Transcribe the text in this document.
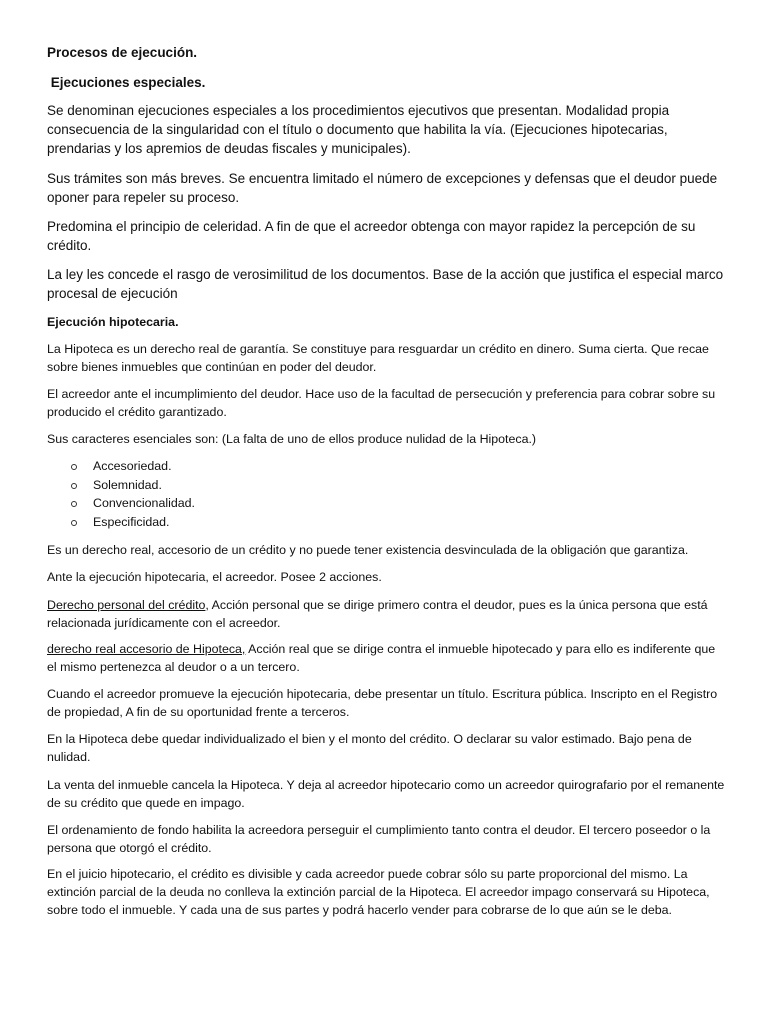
Procesos de ejecución.
Ejecuciones especiales.
Se denominan ejecuciones especiales a los procedimientos ejecutivos que presentan. Modalidad propia consecuencia de la singularidad con el título o documento que habilita la vía. (Ejecuciones hipotecarias, prendarias y los apremios de deudas fiscales y municipales).
Sus trámites son más breves. Se encuentra limitado el número de excepciones y defensas que el deudor puede oponer para repeler su proceso.
Predomina el principio de celeridad. A fin de que el acreedor obtenga con mayor rapidez la percepción de su crédito.
La ley les concede el rasgo de verosimilitud de los documentos. Base de la acción que justifica el especial marco procesal de ejecución
Ejecución hipotecaria.
La Hipoteca es un derecho real de garantía. Se constituye para resguardar un crédito en dinero. Suma cierta. Que recae sobre bienes inmuebles que continúan en poder del deudor.
El acreedor ante el incumplimiento del deudor. Hace uso de la facultad de persecución y preferencia para cobrar sobre su producido el crédito garantizado.
Sus caracteres esenciales son: (La falta de uno de ellos produce nulidad de la Hipoteca.)
Accesoriedad.
Solemnidad.
Convencionalidad.
Especificidad.
Es un derecho real, accesorio de un crédito y no puede tener existencia desvinculada de la obligación que garantiza.
Ante la ejecución hipotecaria, el acreedor. Posee 2 acciones.
Derecho personal del crédito, Acción personal que se dirige primero contra el deudor, pues es la única persona que está relacionada jurídicamente con el acreedor.
derecho real accesorio de Hipoteca, Acción real que se dirige contra el inmueble hipotecado y para ello es indiferente que el mismo pertenezca al deudor o a un tercero.
Cuando el acreedor promueve la ejecución hipotecaria, debe presentar un título. Escritura pública. Inscripto en el Registro de propiedad, A fin de su oportunidad frente a terceros.
En la Hipoteca debe quedar individualizado el bien y el monto del crédito. O declarar su valor estimado. Bajo pena de nulidad.
La venta del inmueble cancela la Hipoteca. Y deja al acreedor hipotecario como un acreedor quirografario por el remanente de su crédito que quede en impago.
El ordenamiento de fondo habilita la acreedora perseguir el cumplimiento tanto contra el deudor. El tercero poseedor o la persona que otorgó el crédito.
En el juicio hipotecario, el crédito es divisible y cada acreedor puede cobrar sólo su parte proporcional del mismo. La extinción parcial de la deuda no conlleva la extinción parcial de la Hipoteca. El acreedor impago conservará su Hipoteca, sobre todo el inmueble. Y cada una de sus partes y podrá hacerlo vender para cobrarse de lo que aún se le deba.
